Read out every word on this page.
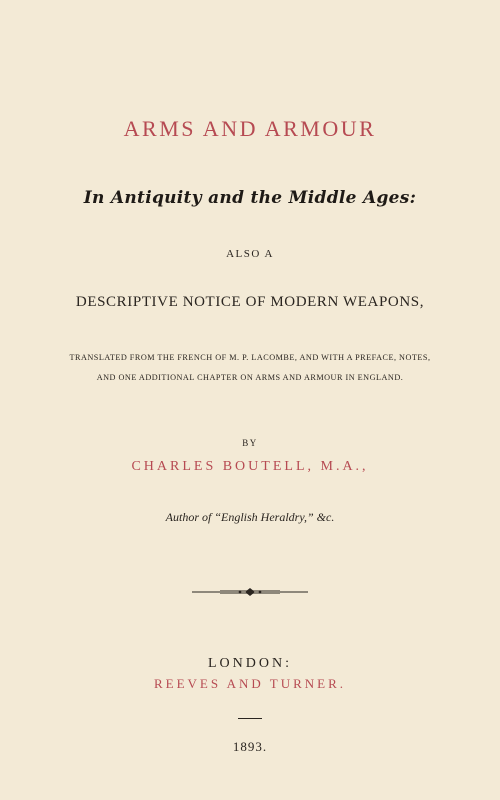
ARMS AND ARMOUR
In Antiquity and the Middle Ages:
ALSO A
DESCRIPTIVE NOTICE OF MODERN WEAPONS,
TRANSLATED FROM THE FRENCH OF M. P. LACOMBE, AND WITH A PREFACE, NOTES,
AND ONE ADDITIONAL CHAPTER ON ARMS AND ARMOUR IN ENGLAND.
BY
CHARLES BOUTELL, M.A.,
Author of “English Heraldry,” &c.
LONDON:
REEVES AND TURNER.
1893.
